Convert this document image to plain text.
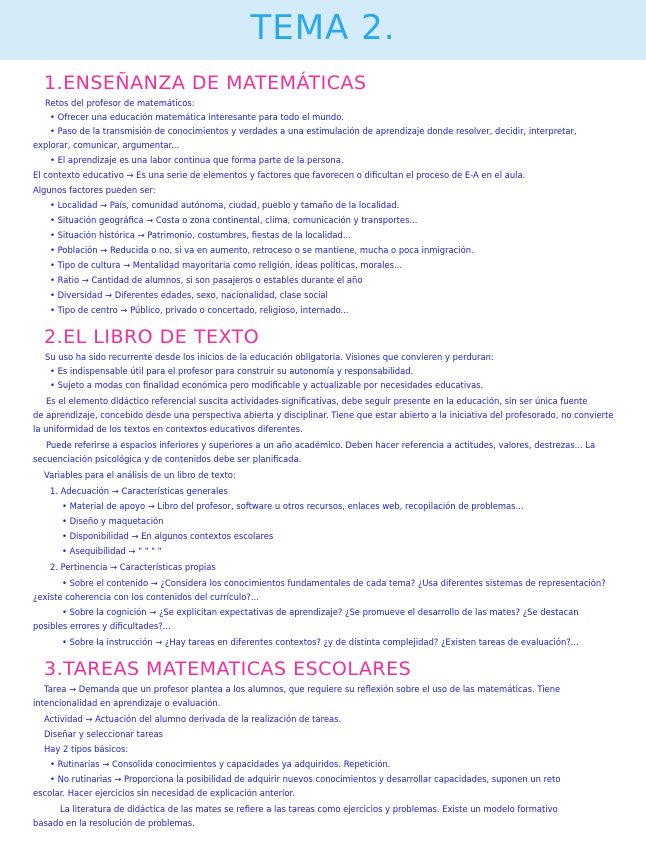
TEMA 2.
1.ENSEÑANZA DE MATEMÁTICAS
Retos del profesor de matemáticos:
• Ofrecer una educación matemática interesante para todo el mundo.
• Paso de la transmisión de conocimientos y verdades a una estimulación de aprendizaje donde resolver, decidir, interpretar,
explorar, comunicar, argumentar...
• El aprendizaje es una labor continua que forma parte de la persona.
El contexto educativo → Es una serie de elementos y factores que favorecen o dificultan el proceso de E-A en el aula.
Algunos factores pueden ser:
• Localidad → País, comunidad autónoma, ciudad, pueblo y tamaño de la localidad.
• Situación geográfica → Costa o zona continental, clima, comunicación y transportes...
• Situación histórica → Patrimonio, costumbres, fiestas de la localidad...
• Población → Reducida o no, si va en aumento, retroceso o se mantiene, mucha o poca inmigración.
• Tipo de cultura → Mentalidad mayoritaria como religión, ideas políticas, morales...
• Ratio → Cantidad de alumnos, si son pasajeros o estables durante el año
• Diversidad → Diferentes edades, sexo, nacionalidad, clase social
• Tipo de centro → Público, privado o concertado, religioso, internado...
2.EL LIBRO DE TEXTO
Su uso ha sido recurrente desde los inicios de la educación obligatoria. Visiones que convieren y perduran:
• Es indispensable útil para el profesor para construir su autonomía y responsabilidad.
• Sujeto a modas con finalidad económica pero modificable y actualizable por necesidades educativas.
Es el elemento didáctico referencial suscita actividades significativas, debe seguir presente en la educación, sin ser única fuente
de aprendizaje, concebido desde una perspectiva abierta y disciplinar. Tiene que estar abierto a la iniciativa del profesorado, no convierte
la uniformidad de los textos en contextos educativos diferentes.
Puede referirse a espacios inferiores y superiores a un año académico. Deben hacer referencia a actitudes, valores, destrezas... La
secuenciación psicológica y de contenidos debe ser planificada.
Variables para el análisis de un libro de texto:
1. Adecuación → Características generales
• Material de apoyo → Libro del profesor, software u otros recursos, enlaces web, recopilación de problemas...
• Diseño y maquetación
• Disponibilidad → En algunos contextos escolares
• Asequibilidad → " " " "
2. Pertinencia → Características propias
• Sobre el contenido → ¿Considera los conocimientos fundamentales de cada tema? ¿Usa diferentes sistemas de representación?
¿existe coherencia con los contenidos del currículo?...
• Sobre la cognición → ¿Se explicitan expectativas de aprendizaje? ¿Se promueve el desarrollo de las mates? ¿Se destacan
posibles errores y dificultades?...
• Sobre la instrucción → ¿Hay tareas en diferentes contextos? ¿y de distinta complejidad? ¿Existen tareas de evaluación?...
3.TAREAS MATEMATICAS ESCOLARES
Tarea → Demanda que un profesor plantea a los alumnos, que requiere su reflexión sobre el uso de las matemáticas. Tiene
intencionalidad en aprendizaje o evaluación.
Actividad → Actuación del alumno derivada de la realización de tareas.
Diseñar y seleccionar tareas
Hay 2 tipos básicos:
• Rutinarias → Consolida conocimientos y capacidades ya adquiridos. Repetición.
• No rutinarias → Proporciona la posibilidad de adquirir nuevos conocimientos y desarrollar capacidades, suponen un reto
escolar. Hacer ejercicios sin necesidad de explicación anterior.
La literatura de didáctica de las mates se refiere a las tareas como ejercicios y problemas. Existe un modelo formativo
basado en la resolución de problemas.
